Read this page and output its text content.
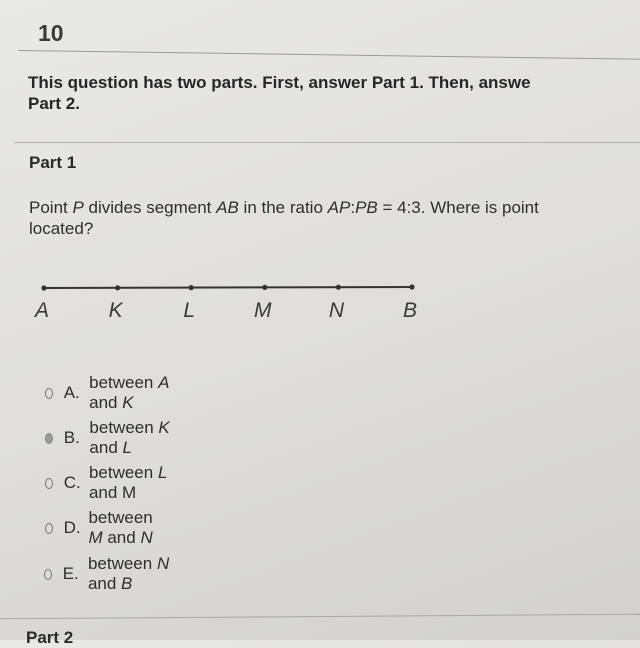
10
This question has two parts. First, answer Part 1. Then, answe
Part 2.
Part 1
Point P divides segment AB in the ratio AP:PB = 4:3. Where is point
located?
A	K	L	M	N	B
A.
between A and K
B.
between K and L
C.
between L and M
D.
between M and N
E.
between N and B
Part 2
